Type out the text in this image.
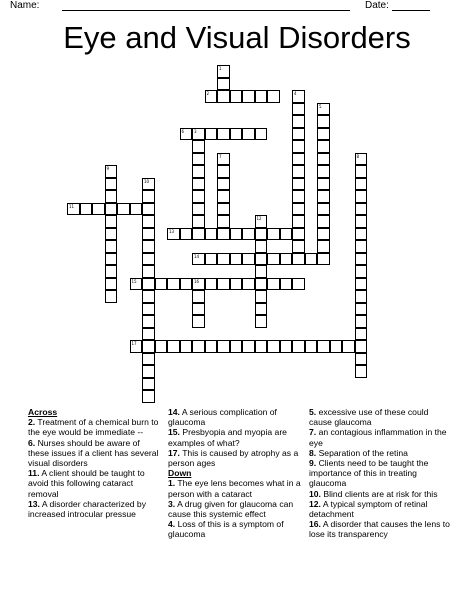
Name:	Date:
Eye and Visual Disorders
1
2
3
4
5
6
7	8
9
10
11
12
13
14
15	16
17
Across
2. Treatment of a chemical burn to the eye would be immediate --
6. Nurses should be aware of these issues if a client has several visual disorders
11. A client should be taught to avoid this following cataract removal
13. A disorder characterized by increased introcular pressue
14. A serious complication of glaucoma
15. Presbyopia and myopia are examples of what?
17. This is caused by atrophy as a person ages
Down
1. The eye lens becomes what in a person with a cataract
3. A drug given for glaucoma can cause this systemic effect
4. Loss of this is a symptom of glaucoma
5. excessive use of these could cause glaucoma
7. an contagious inflammation in the eye
8. Separation of the retina
9. Clients need to be taught the importance of this in treating glaucoma
10. Blind clients are at risk for this
12. A typical symptom of retinal detachment
16. A disorder that causes the lens to lose its transparency
